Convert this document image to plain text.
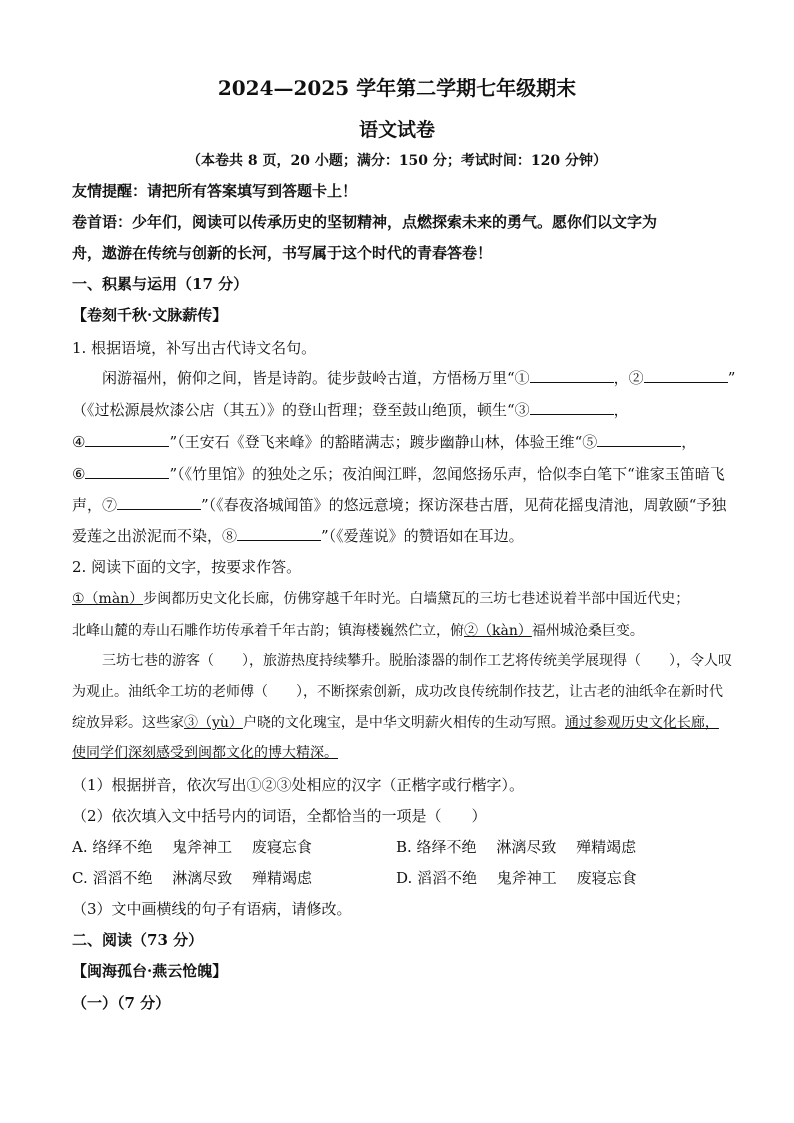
2024—2025 学年第二学期七年级期末
语文试卷
（本卷共 8 页，20 小题；满分：150 分；考试时间：120 分钟）
友情提醒：请把所有答案填写到答题卡上！
卷首语：少年们，阅读可以传承历史的坚韧精神，点燃探索未来的勇气。愿你们以文字为
舟，遨游在传统与创新的长河，书写属于这个时代的青春答卷！
一、积累与运用（17 分）
【卷刻千秋·文脉薪传】
1. 根据语境，补写出古代诗文名句。
闲游福州，俯仰之间，皆是诗韵。徒步鼓岭古道，方悟杨万里“①	，②	”
（《过松源晨炊漆公店（其五）》的登山哲理；登至鼓山绝顶，顿生“③	，
④	”（王安石《登飞来峰》的豁睹满志；踱步幽静山林，体验王维“⑤	，
⑥	”（《竹里馆》的独处之乐；夜泊闽江畔，忽闻悠扬乐声，恰似李白笔下“谁家玉笛暗飞
声，⑦	”（《春夜洛城闻笛》的悠远意境；探访深巷古厝，见荷花摇曳清池，周敦颐“予独
爱莲之出淤泥而不染，⑧	”（《爱莲说》的赞语如在耳边。
2. 阅读下面的文字，按要求作答。
①（màn）步闽都历史文化长廊，仿佛穿越千年时光。白墙黛瓦的三坊七巷述说着半部中国近代史；
北峰山麓的寿山石雕作坊传承着千年古韵；镇海楼巍然伫立，俯②（kàn）福州城沧桑巨变。
三坊七巷的游客（　　），旅游热度持续攀升。脱胎漆器的制作工艺将传统美学展现得（　　），令人叹
为观止。油纸伞工坊的老师傅（　　），不断探索创新，成功改良传统制作技艺，让古老的油纸伞在新时代
绽放异彩。这些家③（yù）户晓的文化瑰宝，是中华文明薪火相传的生动写照。通过参观历史文化长廊，
使同学们深刻感受到闽都文化的博大精深。
（1）根据拼音，依次写出①②③处相应的汉字（正楷字或行楷字）。
（2）依次填入文中括号内的词语，全都恰当的一项是（　　）
A. 络绎不绝　 鬼斧神工　 废寝忘食	B. 络绎不绝　 淋漓尽致　 殚精竭虑
C. 滔滔不绝　 淋漓尽致　 殚精竭虑	D. 滔滔不绝　 鬼斧神工　 废寝忘食
（3）文中画横线的句子有语病，请修改。
二、阅读（73 分）
【闽海孤台·燕云怆魄】
（一）（7 分）
